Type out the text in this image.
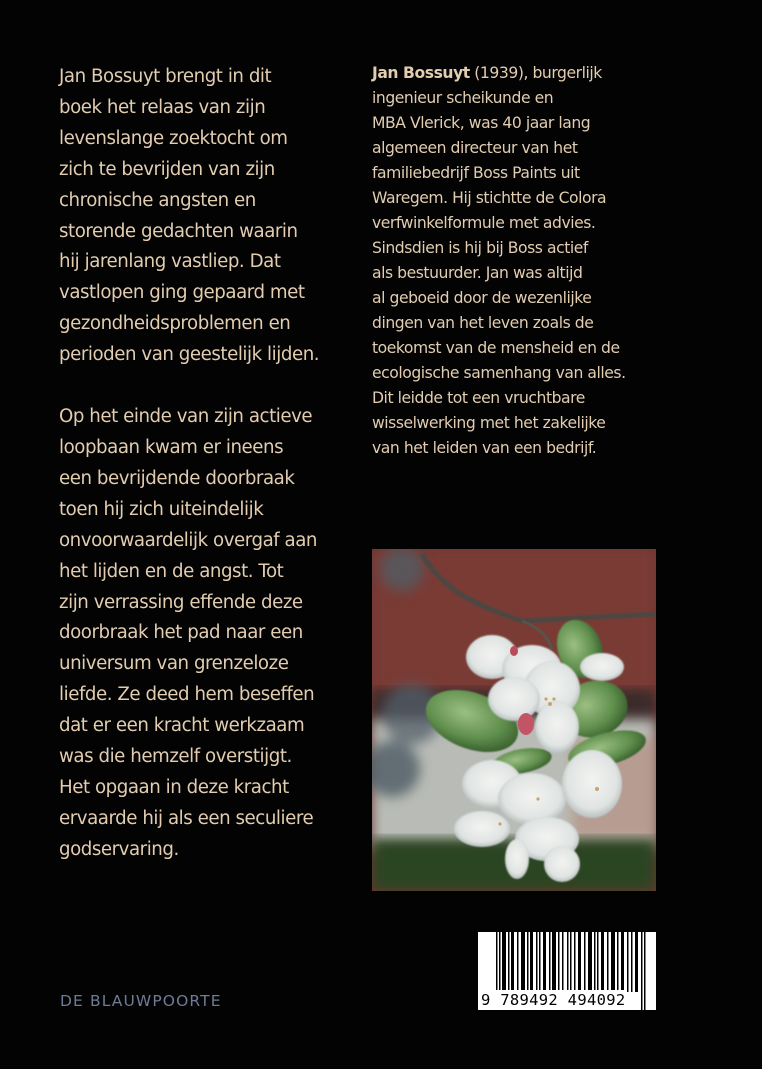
Jan Bossuyt brengt in dit
boek het relaas van zijn
levenslange zoektocht om
zich te bevrijden van zijn
chronische angsten en
storende gedachten waarin
hij jarenlang vastliep. Dat
vastlopen ging gepaard met
gezondheidsproblemen en
perioden van geestelijk lijden.

Op het einde van zijn actieve
loopbaan kwam er ineens
een bevrijdende doorbraak
toen hij zich uiteindelijk
onvoorwaardelijk overgaf aan
het lijden en de angst. Tot
zijn verrassing effende deze
doorbraak het pad naar een
universum van grenzeloze
liefde. Ze deed hem beseffen
dat er een kracht werkzaam
was die hemzelf overstijgt.
Het opgaan in deze kracht
ervaarde hij als een seculiere
godservaring.

Jan Bossuyt (1939), burgerlijk
ingenieur scheikunde en
MBA Vlerick, was 40 jaar lang
algemeen directeur van het
familiebedrijf Boss Paints uit
Waregem. Hij stichtte de Colora
verfwinkelformule met advies.
Sindsdien is hij bij Boss actief
als bestuurder. Jan was altijd
al geboeid door de wezenlijke
dingen van het leven zoals de
toekomst van de mensheid en de
ecologische samenhang van alles.
Dit leidde tot een vruchtbare
wisselwerking met het zakelijke
van het leiden van een bedrijf.
DE BLAUWPOORTE	9 789492 494092
